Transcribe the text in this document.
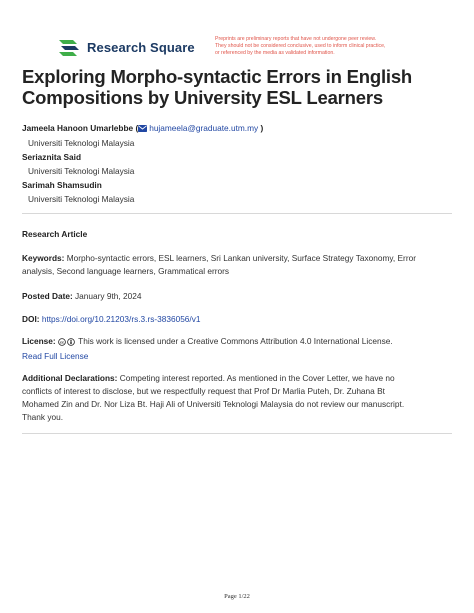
Research Square
Preprints are preliminary reports that have not undergone peer review.
They should not be considered conclusive, used to inform clinical practice,
or referenced by the media as validated information.
Exploring Morpho-syntactic Errors in English
Compositions by University ESL Learners
Jameela Hanoon Umarlebbe ( hujameela@graduate.utm.my )
Universiti Teknologi Malaysia
Seriaznita Said
Universiti Teknologi Malaysia
Sarimah Shamsudin
Universiti Teknologi Malaysia
Research Article
Keywords: Morpho-syntactic errors, ESL learners, Sri Lankan university, Surface Strategy Taxonomy, Error
analysis, Second language learners, Grammatical errors
Posted Date: January 9th, 2024
DOI: https://doi.org/10.21203/rs.3.rs-3836056/v1
License: cc This work is licensed under a Creative Commons Attribution 4.0 International License.
Read Full License
Additional Declarations: Competing interest reported. As mentioned in the Cover Letter, we have no
conflicts of interest to disclose, but we respectfully request that Prof Dr Marlia Puteh, Dr. Zuhana Bt
Mohamed Zin and Dr. Nor Liza Bt. Haji Ali of Universiti Teknologi Malaysia do not review our manuscript.
Thank you.
Page 1/22
